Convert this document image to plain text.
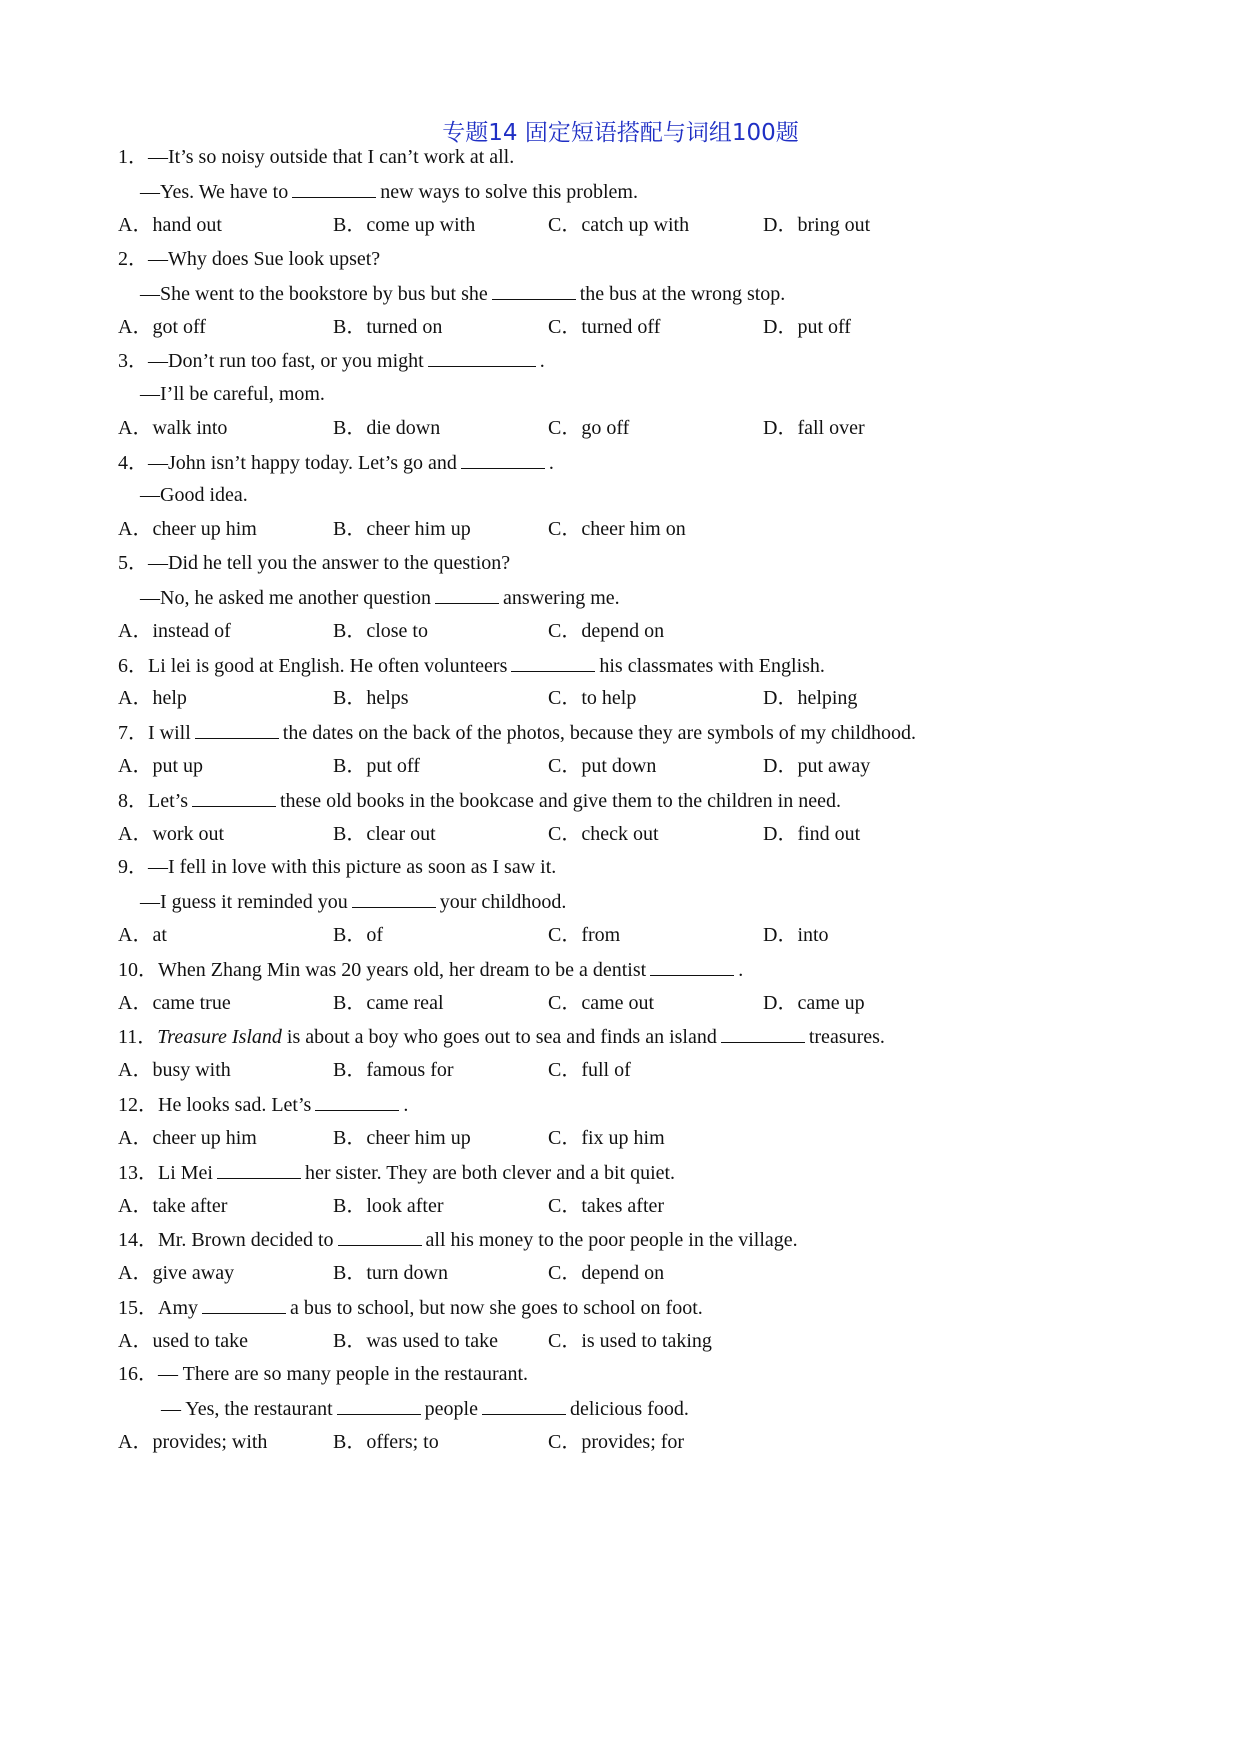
专题14 固定短语搭配与词组100题
1．—It’s so noisy outside that I can’t work at all.
—Yes. We have to	new ways to solve this problem.
A．hand out	B．come up with	C．catch up with	D．bring out
2．—Why does Sue look upset?
—She went to the bookstore by bus but she	the bus at the wrong stop.
A．got off	B．turned on	C．turned off	D．put off
3．—Don’t run too fast, or you might	.
—I’ll be careful, mom.
A．walk into	B．die down	C．go off	D．fall over
4．—John isn’t happy today. Let’s go and	.
—Good idea.
A．cheer up him	B．cheer him up	C．cheer him on
5．—Did he tell you the answer to the question?
—No, he asked me another question	answering me.
A．instead of	B．close to	C．depend on
6．Li lei is good at English. He often volunteers	his classmates with English.
A．help	B．helps	C．to help	D．helping
7．I will	the dates on the back of the photos, because they are symbols of my childhood.
A．put up	B．put off	C．put down	D．put away
8．Let’s	these old books in the bookcase and give them to the children in need.
A．work out	B．clear out	C．check out	D．find out
9．—I fell in love with this picture as soon as I saw it.
—I guess it reminded you	your childhood.
A．at	B．of	C．from	D．into
10．When Zhang Min was 20 years old, her dream to be a dentist	.
A．came true	B．came real	C．came out	D．came up
11．Treasure Island is about a boy who goes out to sea and finds an island	treasures.
A．busy with	B．famous for	C．full of
12．He looks sad. Let’s	.
A．cheer up him	B．cheer him up	C．fix up him
13．Li Mei	her sister. They are both clever and a bit quiet.
A．take after	B．look after	C．takes after
14．Mr. Brown decided to	all his money to the poor people in the village.
A．give away	B．turn down	C．depend on
15．Amy	a bus to school, but now she goes to school on foot.
A．used to take	B．was used to take	C．is used to taking
16．— There are so many people in the restaurant.
— Yes, the restaurant	people	delicious food.
A．provides; with	B．offers; to	C．provides; for
